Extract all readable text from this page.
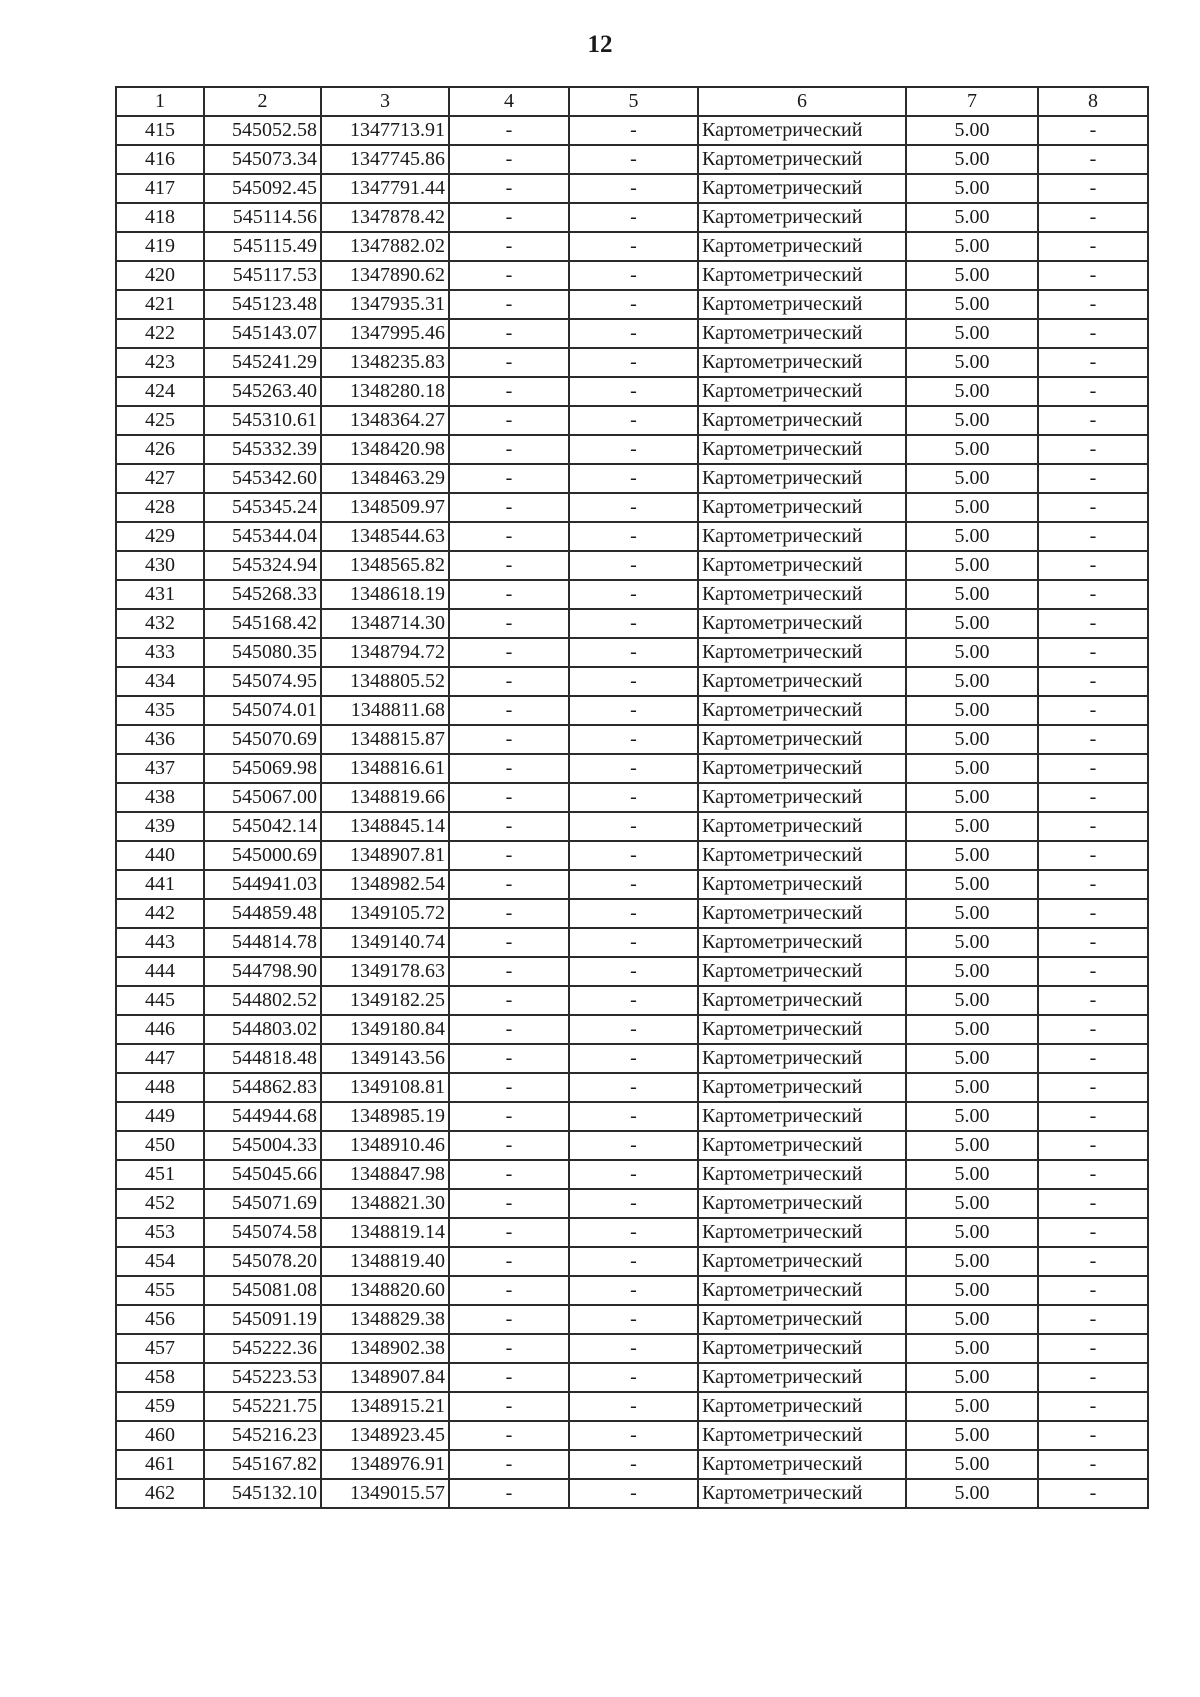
12
1	2	3	4	5	6	7	8
415	545052.58	1347713.91	-	-	Картометрический	5.00	-
416	545073.34	1347745.86	-	-	Картометрический	5.00	-
417	545092.45	1347791.44	-	-	Картометрический	5.00	-
418	545114.56	1347878.42	-	-	Картометрический	5.00	-
419	545115.49	1347882.02	-	-	Картометрический	5.00	-
420	545117.53	1347890.62	-	-	Картометрический	5.00	-
421	545123.48	1347935.31	-	-	Картометрический	5.00	-
422	545143.07	1347995.46	-	-	Картометрический	5.00	-
423	545241.29	1348235.83	-	-	Картометрический	5.00	-
424	545263.40	1348280.18	-	-	Картометрический	5.00	-
425	545310.61	1348364.27	-	-	Картометрический	5.00	-
426	545332.39	1348420.98	-	-	Картометрический	5.00	-
427	545342.60	1348463.29	-	-	Картометрический	5.00	-
428	545345.24	1348509.97	-	-	Картометрический	5.00	-
429	545344.04	1348544.63	-	-	Картометрический	5.00	-
430	545324.94	1348565.82	-	-	Картометрический	5.00	-
431	545268.33	1348618.19	-	-	Картометрический	5.00	-
432	545168.42	1348714.30	-	-	Картометрический	5.00	-
433	545080.35	1348794.72	-	-	Картометрический	5.00	-
434	545074.95	1348805.52	-	-	Картометрический	5.00	-
435	545074.01	1348811.68	-	-	Картометрический	5.00	-
436	545070.69	1348815.87	-	-	Картометрический	5.00	-
437	545069.98	1348816.61	-	-	Картометрический	5.00	-
438	545067.00	1348819.66	-	-	Картометрический	5.00	-
439	545042.14	1348845.14	-	-	Картометрический	5.00	-
440	545000.69	1348907.81	-	-	Картометрический	5.00	-
441	544941.03	1348982.54	-	-	Картометрический	5.00	-
442	544859.48	1349105.72	-	-	Картометрический	5.00	-
443	544814.78	1349140.74	-	-	Картометрический	5.00	-
444	544798.90	1349178.63	-	-	Картометрический	5.00	-
445	544802.52	1349182.25	-	-	Картометрический	5.00	-
446	544803.02	1349180.84	-	-	Картометрический	5.00	-
447	544818.48	1349143.56	-	-	Картометрический	5.00	-
448	544862.83	1349108.81	-	-	Картометрический	5.00	-
449	544944.68	1348985.19	-	-	Картометрический	5.00	-
450	545004.33	1348910.46	-	-	Картометрический	5.00	-
451	545045.66	1348847.98	-	-	Картометрический	5.00	-
452	545071.69	1348821.30	-	-	Картометрический	5.00	-
453	545074.58	1348819.14	-	-	Картометрический	5.00	-
454	545078.20	1348819.40	-	-	Картометрический	5.00	-
455	545081.08	1348820.60	-	-	Картометрический	5.00	-
456	545091.19	1348829.38	-	-	Картометрический	5.00	-
457	545222.36	1348902.38	-	-	Картометрический	5.00	-
458	545223.53	1348907.84	-	-	Картометрический	5.00	-
459	545221.75	1348915.21	-	-	Картометрический	5.00	-
460	545216.23	1348923.45	-	-	Картометрический	5.00	-
461	545167.82	1348976.91	-	-	Картометрический	5.00	-
462	545132.10	1349015.57	-	-	Картометрический	5.00	-
